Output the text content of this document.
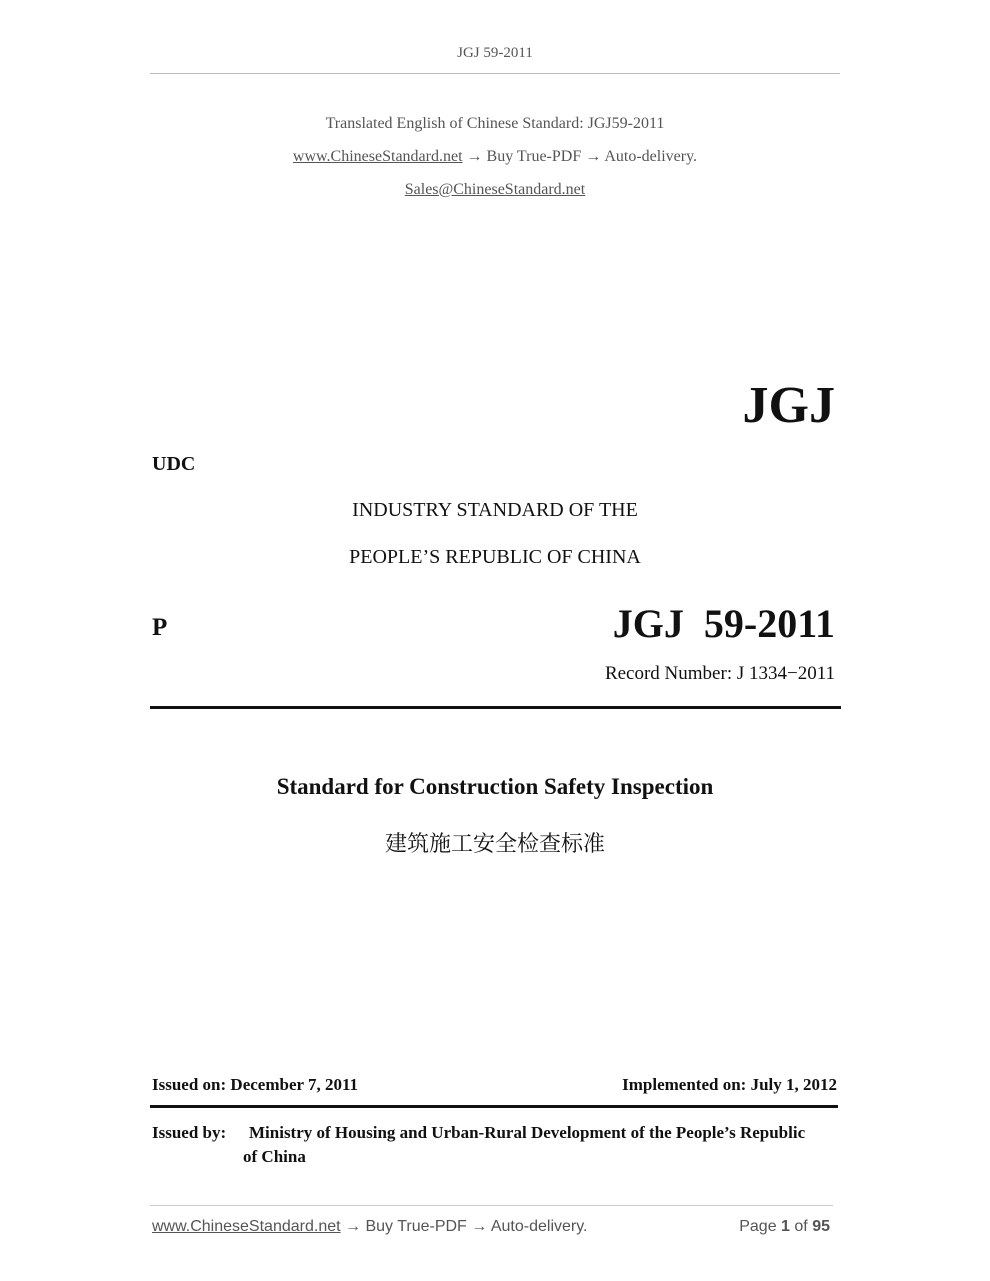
JGJ 59-2011
Translated English of Chinese Standard: JGJ59-2011
www.ChineseStandard.net → Buy True-PDF → Auto-delivery.
Sales@ChineseStandard.net
JGJ
UDC
INDUSTRY STANDARD OF THE
PEOPLE’S REPUBLIC OF CHINA
P	JGJ  59-2011
Record Number: J 1334−2011
Standard for Construction Safety Inspection
建筑施工安全检查标准
Issued on: December 7, 2011	Implemented on: July 1, 2012
Issued by: Ministry of Housing and Urban-Rural Development of the People’s Republic
of China
www.ChineseStandard.net → Buy True-PDF → Auto-delivery.	Page 1 of 95
